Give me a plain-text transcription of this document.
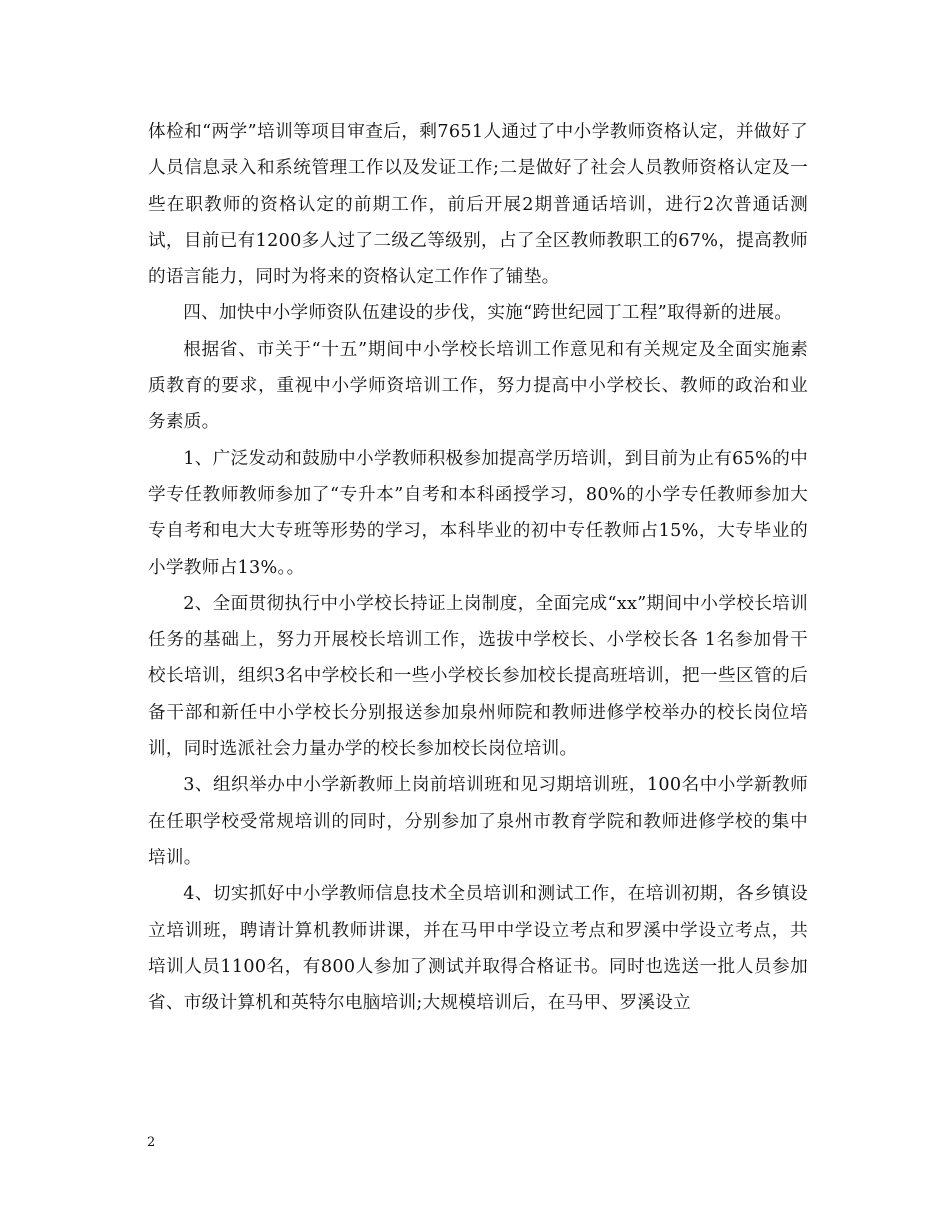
体检和“两学”培训等项目审查后，剩7651人通过了中小学教师资格认定，并做好了人员信息录入和系统管理工作以及发证工作;二是做好了社会人员教师资格认定及一些在职教师的资格认定的前期工作，前后开展2期普通话培训，进行2次普通话测试，目前已有1200多人过了二级乙等级别，占了全区教师教职工的67%，提高教师的语言能力，同时为将来的资格认定工作作了铺垫。

四、加快中小学师资队伍建设的步伐，实施“跨世纪园丁工程”取得新的进展。

根据省、市关于“十五”期间中小学校长培训工作意见和有关规定及全面实施素质教育的要求，重视中小学师资培训工作，努力提高中小学校长、教师的政治和业务素质。

1、广泛发动和鼓励中小学教师积极参加提高学历培训，到目前为止有65%的中学专任教师教师参加了“专升本”自考和本科函授学习，80%的小学专任教师参加大专自考和电大大专班等形势的学习，本科毕业的初中专任教师占15%，大专毕业的小学教师占13%。。

2、全面贯彻执行中小学校长持证上岗制度，全面完成“xx”期间中小学校长培训任务的基础上，努力开展校长培训工作，选拔中学校长、小学校长各 1名参加骨干校长培训，组织3名中学校长和一些小学校长参加校长提高班培训，把一些区管的后备干部和新任中小学校长分别报送参加泉州师院和教师进修学校举办的校长岗位培训，同时选派社会力量办学的校长参加校长岗位培训。

3、组织举办中小学新教师上岗前培训班和见习期培训班，100名中小学新教师在任职学校受常规培训的同时，分别参加了泉州市教育学院和教师进修学校的集中培训。

4、切实抓好中小学教师信息技术全员培训和测试工作，在培训初期，各乡镇设立培训班，聘请计算机教师讲课，并在马甲中学设立考点和罗溪中学设立考点，共培训人员1100名，有800人参加了测试并取得合格证书。同时也选送一批人员参加省、市级计算机和英特尔电脑培训;大规模培训后，在马甲、罗溪设立

2
